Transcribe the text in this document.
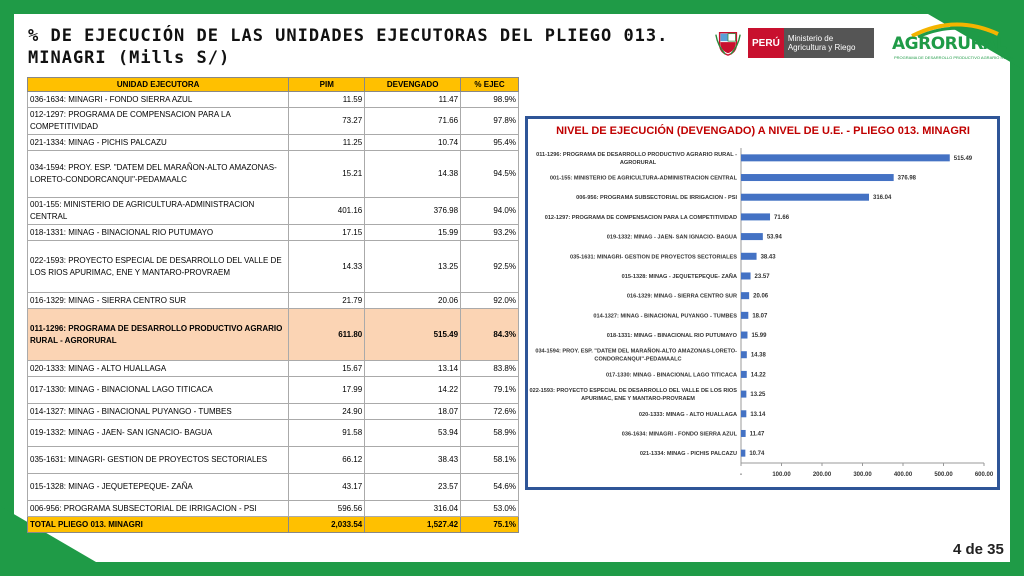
% DE EJECUCIÓN DE LAS UNIDADES EJECUTORAS DEL PLIEGO 013. MINAGRI (Mills S/)
PERÚ	Ministerio de Agricultura y Riego	AGRORURAL
PROGRAMA DE DESARROLLO PRODUCTIVO AGRARIO RURAL
UNIDAD EJECUTORA	PIM	DEVENGADO	% EJEC
036-1634: MINAGRI - FONDO SIERRA AZUL	11.59	11.47	98.9%
012-1297: PROGRAMA DE COMPENSACION PARA LA COMPETITIVIDAD	73.27	71.66	97.8%
021-1334: MINAG - PICHIS PALCAZU	11.25	10.74	95.4%
034-1594: PROY. ESP. "DATEM DEL MARAÑON-ALTO AMAZONAS-LORETO-CONDORCANQUI"-PEDAMAALC	15.21	14.38	94.5%
001-155: MINISTERIO DE AGRICULTURA-ADMINISTRACION CENTRAL	401.16	376.98	94.0%
018-1331: MINAG - BINACIONAL RIO PUTUMAYO	17.15	15.99	93.2%
022-1593: PROYECTO ESPECIAL DE DESARROLLO DEL VALLE DE LOS RIOS APURIMAC, ENE Y MANTARO-PROVRAEM	14.33	13.25	92.5%
016-1329: MINAG - SIERRA CENTRO SUR	21.79	20.06	92.0%
011-1296: PROGRAMA DE DESARROLLO PRODUCTIVO AGRARIO RURAL - AGRORURAL	611.80	515.49	84.3%
020-1333: MINAG - ALTO HUALLAGA	15.67	13.14	83.8%
017-1330: MINAG - BINACIONAL LAGO TITICACA	17.99	14.22	79.1%
014-1327: MINAG - BINACIONAL PUYANGO - TUMBES	24.90	18.07	72.6%
019-1332: MINAG - JAEN- SAN IGNACIO- BAGUA	91.58	53.94	58.9%
035-1631: MINAGRI- GESTION DE PROYECTOS SECTORIALES	66.12	38.43	58.1%
015-1328: MINAG - JEQUETEPEQUE- ZAÑA	43.17	23.57	54.6%
006-956: PROGRAMA SUBSECTORIAL DE IRRIGACION - PSI	596.56	316.04	53.0%
TOTAL PLIEGO 013. MINAGRI	2,033.54	1,527.42	75.1%
NIVEL DE EJECUCIÓN (DEVENGADO) A NIVEL DE U.E. - PLIEGO 013. MINAGRI
-	100.00	200.00	300.00	400.00	500.00	600.00
515.49
011-1296: PROGRAMA DE DESARROLLO PRODUCTIVO AGRARIO RURAL -AGRORURAL
376.98
001-155: MINISTERIO DE AGRICULTURA-ADMINISTRACION CENTRAL
316.04
006-956: PROGRAMA SUBSECTORIAL DE IRRIGACION - PSI
71.66
012-1297: PROGRAMA DE COMPENSACION PARA LA COMPETITIVIDAD
53.94
019-1332: MINAG - JAEN- SAN IGNACIO- BAGUA
38.43
035-1631: MINAGRI- GESTION DE PROYECTOS SECTORIALES
23.57
015-1328: MINAG - JEQUETEPEQUE- ZAÑA
20.06
016-1329: MINAG - SIERRA CENTRO SUR
18.07
014-1327: MINAG - BINACIONAL PUYANGO - TUMBES
15.99
018-1331: MINAG - BINACIONAL RIO PUTUMAYO
14.38
034-1594: PROY. ESP. "DATEM DEL MARAÑON-ALTO AMAZONAS-LORETO-CONDORCANQUI"-PEDAMAALC
14.22
017-1330: MINAG - BINACIONAL LAGO TITICACA
13.25
022-1593: PROYECTO ESPECIAL DE DESARROLLO DEL VALLE DE LOS RIOS APURIMAC, ENE Y MANTARO-PROVRAEM
13.14
020-1333: MINAG - ALTO HUALLAGA
11.47
036-1634: MINAGRI - FONDO SIERRA AZUL
10.74
021-1334: MINAG - PICHIS PALCAZU
4 de 35
